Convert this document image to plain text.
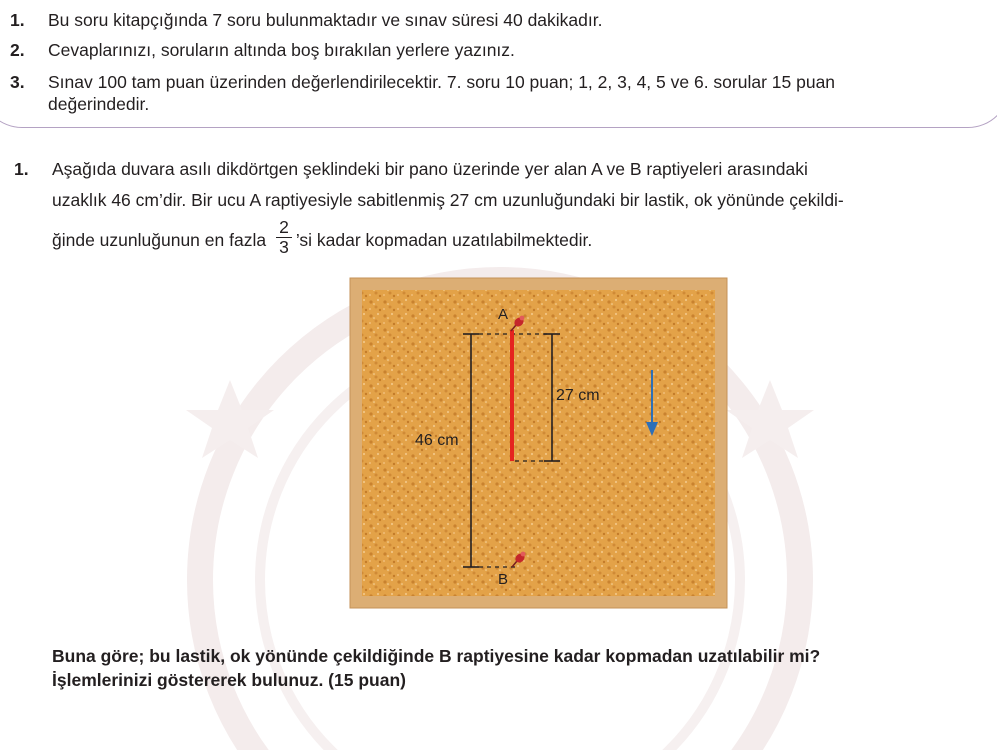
1. Bu soru kitapçığında 7 soru bulunmaktadır ve sınav süresi 40 dakikadır.
2. Cevaplarınızı, soruların altında boş bırakılan yerlere yazınız.
3. Sınav 100 tam puan üzerinden değerlendirilecektir. 7. soru 10 puan; 1, 2, 3, 4, 5 ve 6. sorular 15 puan
değerindedir.
1. Aşağıda duvara asılı dikdörtgen şeklindeki bir pano üzerinde yer alan A ve B raptiyeleri arasındaki
uzaklık 46 cm’dir. Bir ucu A raptiyesiyle sabitlenmiş 27 cm uzunluğundaki bir lastik, ok yönünde çekildi-
ğinde uzunluğunun en fazla $\frac{2}{3}$ ’si kadar kopmadan uzatılabilmektedir.
A
B
46 cm
27 cm
Buna göre; bu lastik, ok yönünde çekildiğinde B raptiyesine kadar kopmadan uzatılabilir mi?
İşlemlerinizi göstererek bulunuz. (15 puan)
